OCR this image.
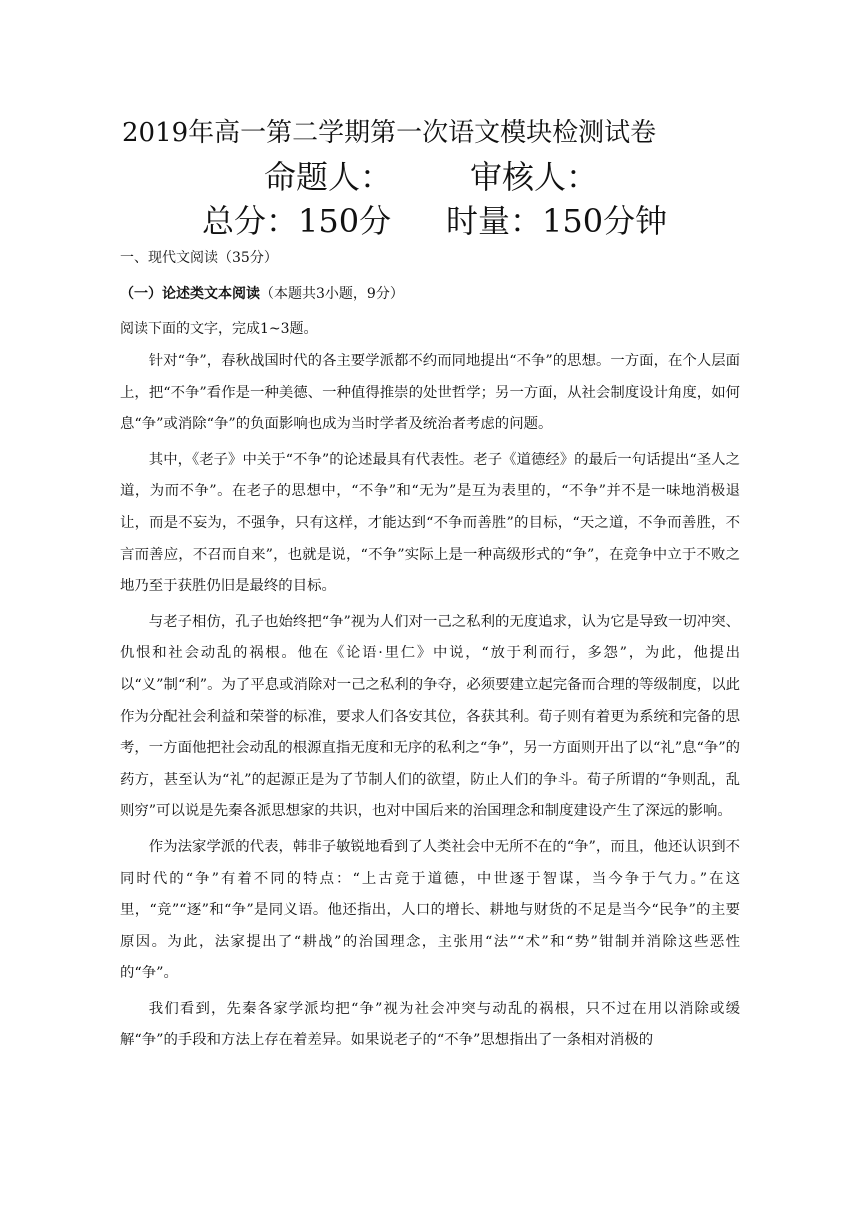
2019年高一第二学期第一次语文模块检测试卷
命题人： 审核人：
总分：150分 时量：150分钟
一、现代文阅读（35分）
（一）论述类文本阅读（本题共3小题，9分）
阅读下面的文字，完成1~3题。

针对“争”，春秋战国时代的各主要学派都不约而同地提出“不争”的思想。一方面，在个人层面上，把“不争”看作是一种美德、一种值得推崇的处世哲学；另一方面，从社会制度设计角度，如何息“争”或消除“争”的负面影响也成为当时学者及统治者考虑的问题。

其中，《老子》中关于“不争”的论述最具有代表性。老子《道德经》的最后一句话提出“圣人之道，为而不争”。在老子的思想中，“不争”和“无为”是互为表里的，“不争”并不是一味地消极退让，而是不妄为，不强争，只有这样，才能达到“不争而善胜”的目标，“天之道，不争而善胜，不言而善应，不召而自来”，也就是说，“不争”实际上是一种高级形式的“争”，在竞争中立于不败之地乃至于获胜仍旧是最终的目标。

与老子相仿，孔子也始终把“争”视为人们对一己之私利的无度追求，认为它是导致一切冲突、仇恨和社会动乱的祸根。他在《论语·里仁》中说，“放于利而行，多怨”，为此，他提出以“义”制“利”。为了平息或消除对一己之私利的争夺，必须要建立起完备而合理的等级制度，以此作为分配社会利益和荣誉的标准，要求人们各安其位，各获其利。荀子则有着更为系统和完备的思考，一方面他把社会动乱的根源直指无度和无序的私利之“争”，另一方面则开出了以“礼”息“争”的药方，甚至认为“礼”的起源正是为了节制人们的欲望，防止人们的争斗。荀子所谓的“争则乱，乱则穷”可以说是先秦各派思想家的共识，也对中国后来的治国理念和制度建设产生了深远的影响。

作为法家学派的代表，韩非子敏锐地看到了人类社会中无所不在的“争”，而且，他还认识到不同时代的“争”有着不同的特点：“上古竞于道德，中世逐于智谋，当今争于气力。”在这里，“竞”“逐”和“争”是同义语。他还指出，人口的增长、耕地与财货的不足是当今“民争”的主要原因。为此，法家提出了“耕战”的治国理念，主张用“法”“术”和“势”钳制并消除这些恶性的“争”。

我们看到，先秦各家学派均把“争”视为社会冲突与动乱的祸根，只不过在用以消除或缓解“争”的手段和方法上存在着差异。如果说老子的“不争”思想指出了一条相对消极的
